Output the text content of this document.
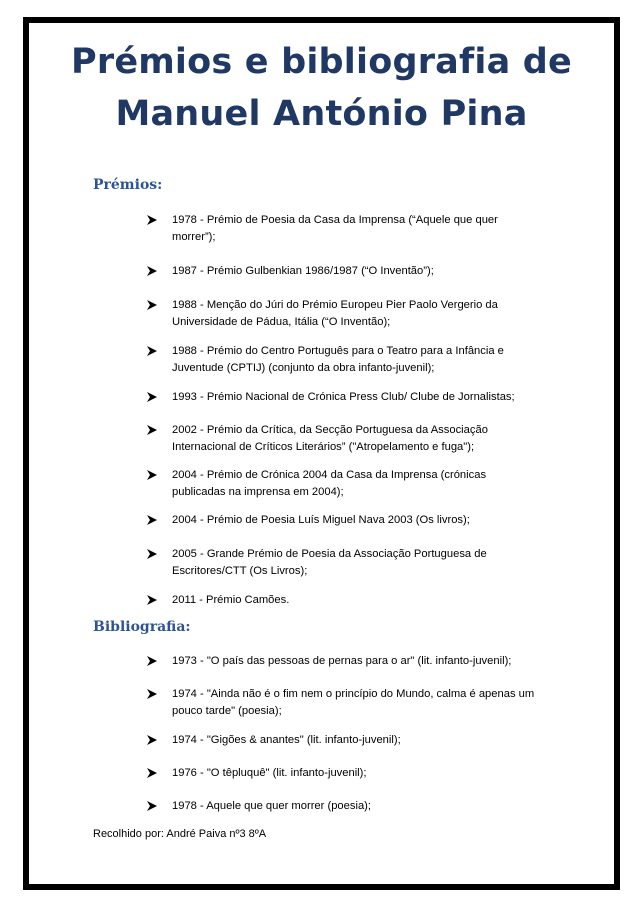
Prémios e bibliografia de Manuel António Pina
Prémios:
1978 - Prémio de Poesia da Casa da Imprensa (“Aquele que quer morrer”);
1987 - Prémio Gulbenkian 1986/1987 (“O Inventão”);
1988 - Menção do Júri do Prémio Europeu Pier Paolo Vergerio da Universidade de Pádua, Itália (“O Inventão);
1988 - Prémio do Centro Português para o Teatro para a Infância e Juventude (CPTIJ) (conjunto da obra infanto-juvenil);
1993 - Prémio Nacional de Crónica Press Club/ Clube de Jornalistas;
2002 - Prémio da Crítica, da Secção Portuguesa da Associação Internacional de Críticos Literários” ("Atropelamento e fuga");
2004 - Prémio de Crónica 2004 da Casa da Imprensa (crónicas publicadas na imprensa em 2004);
2004 - Prémio de Poesia Luís Miguel Nava 2003 (Os livros);
2005 - Grande Prémio de Poesia da Associação Portuguesa de Escritores/CTT (Os Livros);
2011 - Prémio Camões.
Bibliografia:
1973 - "O país das pessoas de pernas para o ar" (lit. infanto-juvenil);
1974 - "Ainda não é o fim nem o princípio do Mundo, calma é apenas um pouco tarde" (poesia);
1974 - "Gigões & anantes" (lit. infanto-juvenil);
1976 - "O têpluquê" (lit. infanto-juvenil);
1978 - Aquele que quer morrer (poesia);
Recolhido por: André Paiva nº3 8ºA
